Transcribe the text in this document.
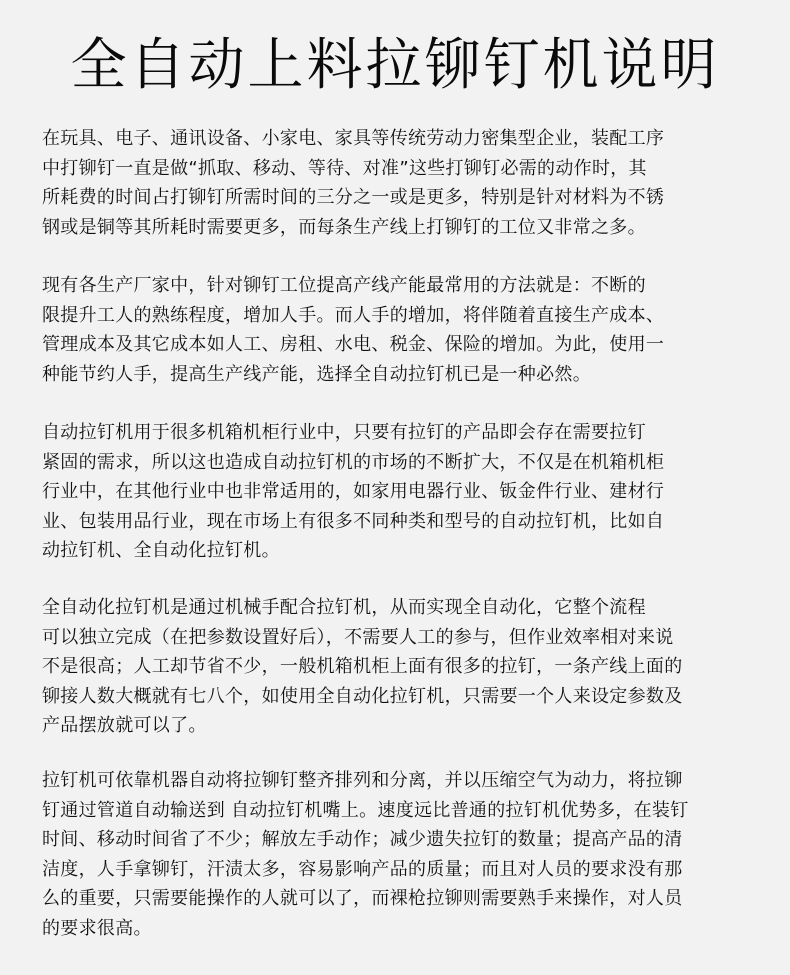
全自动上料拉铆钉机说明
在玩具、电子、通讯设备、小家电、家具等传统劳动力密集型企业，装配工序
中打铆钉一直是做“抓取、移动、等待、对准”这些打铆钉必需的动作时，其
所耗费的时间占打铆钉所需时间的三分之一或是更多，特别是针对材料为不锈
钢或是铜等其所耗时需要更多，而每条生产线上打铆钉的工位又非常之多。
现有各生产厂家中，针对铆钉工位提高产线产能最常用的方法就是：不断的
限提升工人的熟练程度，增加人手。而人手的增加，将伴随着直接生产成本、
管理成本及其它成本如人工、房租、水电、税金、保险的增加。为此，使用一
种能节约人手，提高生产线产能，选择全自动拉钉机已是一种必然。
自动拉钉机用于很多机箱机柜行业中，只要有拉钉的产品即会存在需要拉钉
紧固的需求，所以这也造成自动拉钉机的市场的不断扩大，不仅是在机箱机柜
行业中，在其他行业中也非常适用的，如家用电器行业、钣金件行业、建材行
业、包装用品行业，现在市场上有很多不同种类和型号的自动拉钉机，比如自
动拉钉机、全自动化拉钉机。
全自动化拉钉机是通过机械手配合拉钉机，从而实现全自动化，它整个流程
可以独立完成（在把参数设置好后），不需要人工的参与，但作业效率相对来说
不是很高；人工却节省不少，一般机箱机柜上面有很多的拉钉，一条产线上面的
铆接人数大概就有七八个，如使用全自动化拉钉机，只需要一个人来设定参数及
产品摆放就可以了。
拉钉机可依靠机器自动将拉铆钉整齐排列和分离，并以压缩空气为动力，将拉铆
钉通过管道自动输送到 自动拉钉机嘴上。速度远比普通的拉钉机优势多，在装钉
时间、移动时间省了不少；解放左手动作；减少遗失拉钉的数量；提高产品的清
洁度，人手拿铆钉，汗渍太多，容易影响产品的质量；而且对人员的要求没有那
么的重要，只需要能操作的人就可以了，而裸枪拉铆则需要熟手来操作，对人员
的要求很高。
